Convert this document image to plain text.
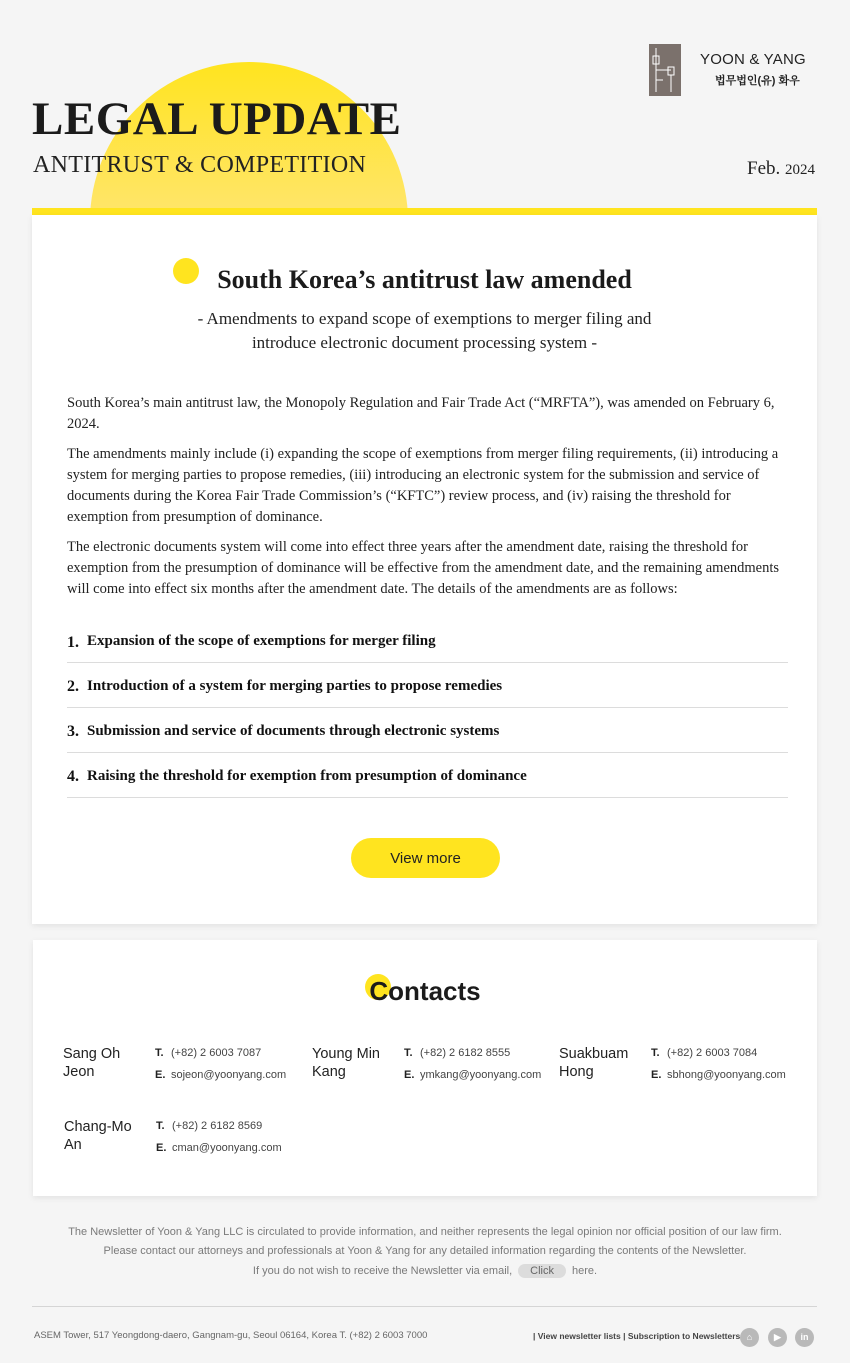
LEGAL UPDATE
ANTITRUST & COMPETITION	Feb. 2024
YOON & YANG
법무법인(유) 화우
South Korea’s antitrust law amended
- Amendments to expand scope of exemptions to merger filing and
introduce electronic document processing system -

South Korea’s main antitrust law, the Monopoly Regulation and Fair Trade Act (“MRFTA”), was amended on February 6, 2024.

The amendments mainly include (i) expanding the scope of exemptions from merger filing requirements, (ii) introducing a system for merging parties to propose remedies, (iii) introducing an electronic system for the submission and service of documents during the Korea Fair Trade Commission’s (“KFTC”) review process, and (iv) raising the threshold for exemption from presumption of dominance.

The electronic documents system will come into effect three years after the amendment date, raising the threshold for exemption from the presumption of dominance will be effective from the amendment date, and the remaining amendments will come into effect six months after the amendment date. The details of the amendments are as follows:

1. Expansion of the scope of exemptions for merger filing
2. Introduction of a system for merging parties to propose remedies
3. Submission and service of documents through electronic systems
4. Raising the threshold for exemption from presumption of dominance
View more
Contacts
Sang Oh
Jeon
T. (+82) 2 6003 7087
E. sojeon@yoonyang.com
Young Min
Kang
T. (+82) 2 6182 8555
E. ymkang@yoonyang.com
Suakbuam
Hong
T. (+82) 2 6003 7084
E. sbhong@yoonyang.com
Chang-Mo
An
T. (+82) 2 6182 8569
E. cman@yoonyang.com
The Newsletter of Yoon & Yang LLC is circulated to provide information, and neither represents the legal opinion nor official position of our law firm.
Please contact our attorneys and professionals at Yoon & Yang for any detailed information regarding the contents of the Newsletter.
If you do not wish to receive the Newsletter via email, Click here.
ASEM Tower, 517 Yeongdong-daero, Gangnam-gu, Seoul 06164, Korea T. (+82) 2 6003 7000	| View newsletter lists | Subscription to Newsletters ⌂	▶	in
